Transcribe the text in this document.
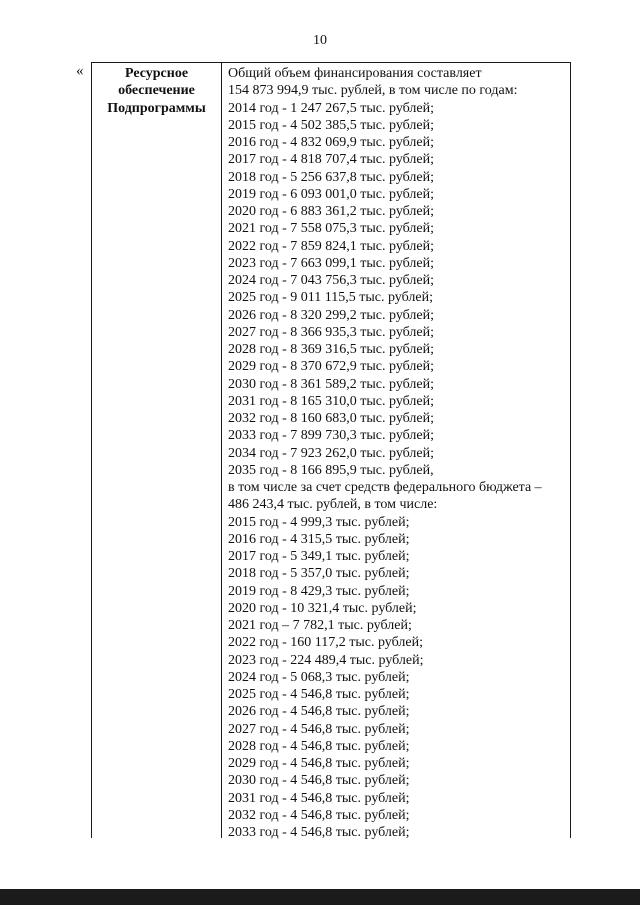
10
«	Ресурсное
обеспечение
Подпрограммы
Общий объем финансирования составляет
154 873 994,9 тыс. рублей, в том числе по годам:
2014 год - 1 247 267,5 тыс. рублей;
2015 год - 4 502 385,5 тыс. рублей;
2016 год - 4 832 069,9 тыс. рублей;
2017 год - 4 818 707,4 тыс. рублей;
2018 год - 5 256 637,8 тыс. рублей;
2019 год - 6 093 001,0 тыс. рублей;
2020 год - 6 883 361,2 тыс. рублей;
2021 год - 7 558 075,3 тыс. рублей;
2022 год - 7 859 824,1 тыс. рублей;
2023 год - 7 663 099,1 тыс. рублей;
2024 год - 7 043 756,3 тыс. рублей;
2025 год - 9 011 115,5 тыс. рублей;
2026 год - 8 320 299,2 тыс. рублей;
2027 год - 8 366 935,3 тыс. рублей;
2028 год - 8 369 316,5 тыс. рублей;
2029 год - 8 370 672,9 тыс. рублей;
2030 год - 8 361 589,2 тыс. рублей;
2031 год - 8 165 310,0 тыс. рублей;
2032 год - 8 160 683,0 тыс. рублей;
2033 год - 7 899 730,3 тыс. рублей;
2034 год - 7 923 262,0 тыс. рублей;
2035 год - 8 166 895,9 тыс. рублей,
в том числе за счет средств федерального бюджета –
486 243,4 тыс. рублей, в том числе:
2015 год - 4 999,3 тыс. рублей;
2016 год - 4 315,5 тыс. рублей;
2017 год - 5 349,1 тыс. рублей;
2018 год - 5 357,0 тыс. рублей;
2019 год - 8 429,3 тыс. рублей;
2020 год - 10 321,4 тыс. рублей;
2021 год – 7 782,1 тыс. рублей;
2022 год - 160 117,2 тыс. рублей;
2023 год - 224 489,4 тыс. рублей;
2024 год - 5 068,3 тыс. рублей;
2025 год - 4 546,8 тыс. рублей;
2026 год - 4 546,8 тыс. рублей;
2027 год - 4 546,8 тыс. рублей;
2028 год - 4 546,8 тыс. рублей;
2029 год - 4 546,8 тыс. рублей;
2030 год - 4 546,8 тыс. рублей;
2031 год - 4 546,8 тыс. рублей;
2032 год - 4 546,8 тыс. рублей;
2033 год - 4 546,8 тыс. рублей;
